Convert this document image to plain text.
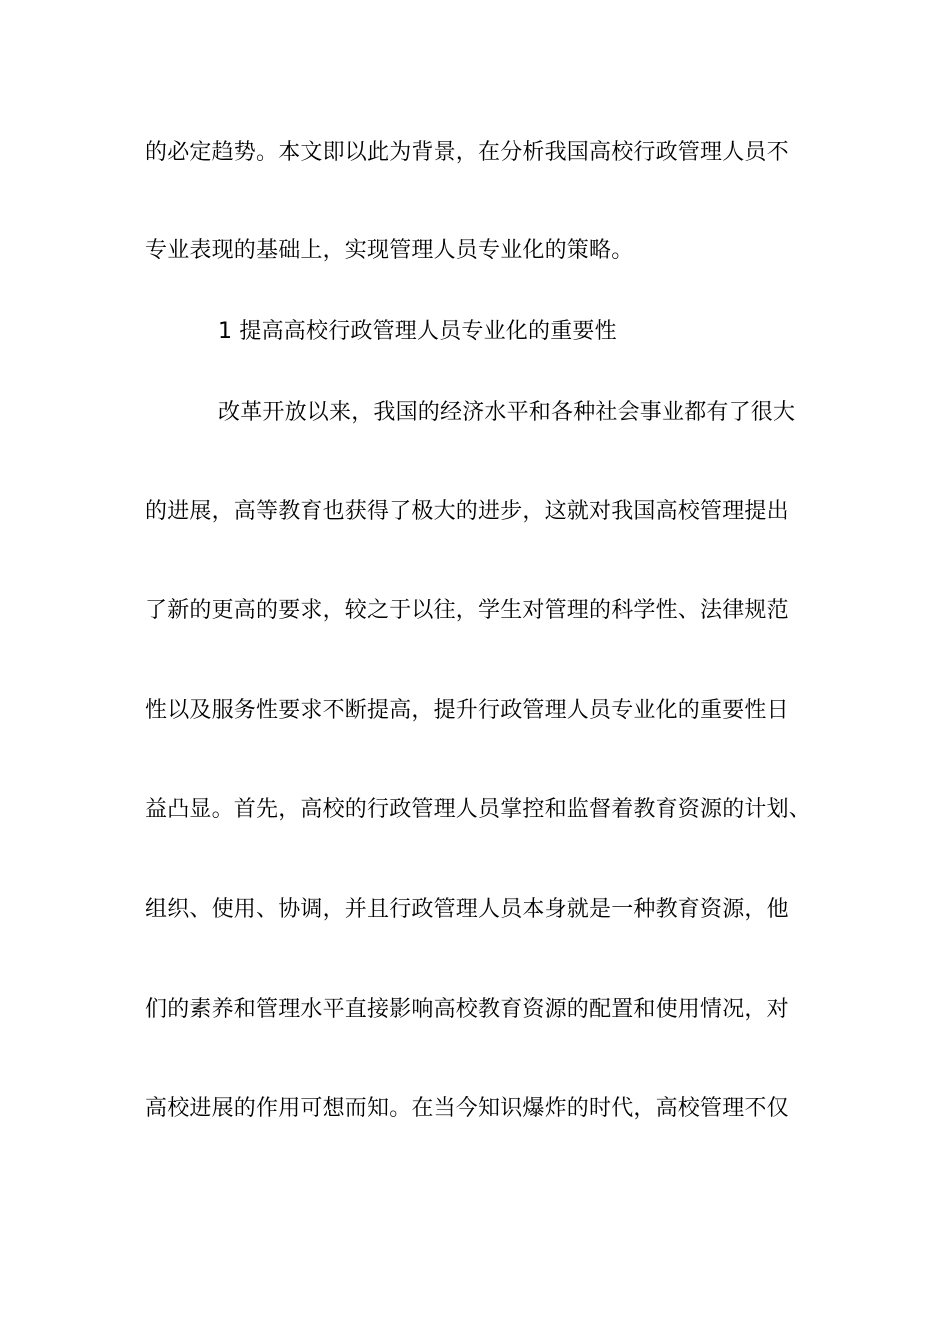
的必定趋势。本文即以此为背景，在分析我国高校行政管理人员不
专业表现的基础上，实现管理人员专业化的策略。
1 提高高校行政管理人员专业化的重要性
改革开放以来，我国的经济水平和各种社会事业都有了很大
的进展，高等教育也获得了极大的进步，这就对我国高校管理提出
了新的更高的要求，较之于以往，学生对管理的科学性、法律规范
性以及服务性要求不断提高，提升行政管理人员专业化的重要性日
益凸显。首先，高校的行政管理人员掌控和监督着教育资源的计划、
组织、使用、协调，并且行政管理人员本身就是一种教育资源，他
们的素养和管理水平直接影响高校教育资源的配置和使用情况，对
高校进展的作用可想而知。在当今知识爆炸的时代，高校管理不仅
